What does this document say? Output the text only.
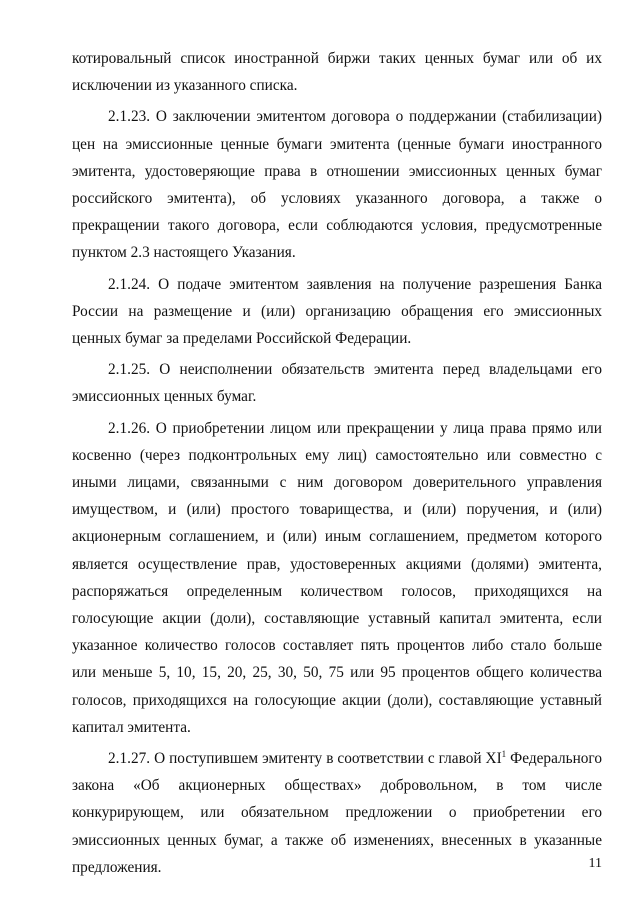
котировальный список иностранной биржи таких ценных бумаг или об их исключении из указанного списка.

2.1.23. О заключении эмитентом договора о поддержании (стабилизации) цен на эмиссионные ценные бумаги эмитента (ценные бумаги иностранного эмитента, удостоверяющие права в отношении эмиссионных ценных бумаг российского эмитента), об условиях указанного договора, а также о прекращении такого договора, если соблюдаются условия, предусмотренные пунктом 2.3 настоящего Указания.

2.1.24. О подаче эмитентом заявления на получение разрешения Банка России на размещение и (или) организацию обращения его эмиссионных ценных бумаг за пределами Российской Федерации.

2.1.25. О неисполнении обязательств эмитента перед владельцами его эмиссионных ценных бумаг.

2.1.26. О приобретении лицом или прекращении у лица права прямо или косвенно (через подконтрольных ему лиц) самостоятельно или совместно с иными лицами, связанными с ним договором доверительного управления имуществом, и (или) простого товарищества, и (или) поручения, и (или) акционерным соглашением, и (или) иным соглашением, предметом которого является осуществление прав, удостоверенных акциями (долями) эмитента, распоряжаться определенным количеством голосов, приходящихся на голосующие акции (доли), составляющие уставный капитал эмитента, если указанное количество голосов составляет пять процентов либо стало больше или меньше 5, 10, 15, 20, 25, 30, 50, 75 или 95 процентов общего количества голосов, приходящихся на голосующие акции (доли), составляющие уставный капитал эмитента.

2.1.27. О поступившем эмитенту в соответствии с главой $XI^1$ Федерального закона «Об акционерных обществах» добровольном, в том числе конкурирующем, или обязательном предложении о приобретении его эмиссионных ценных бумаг, а также об изменениях, внесенных в указанные предложения.	11
